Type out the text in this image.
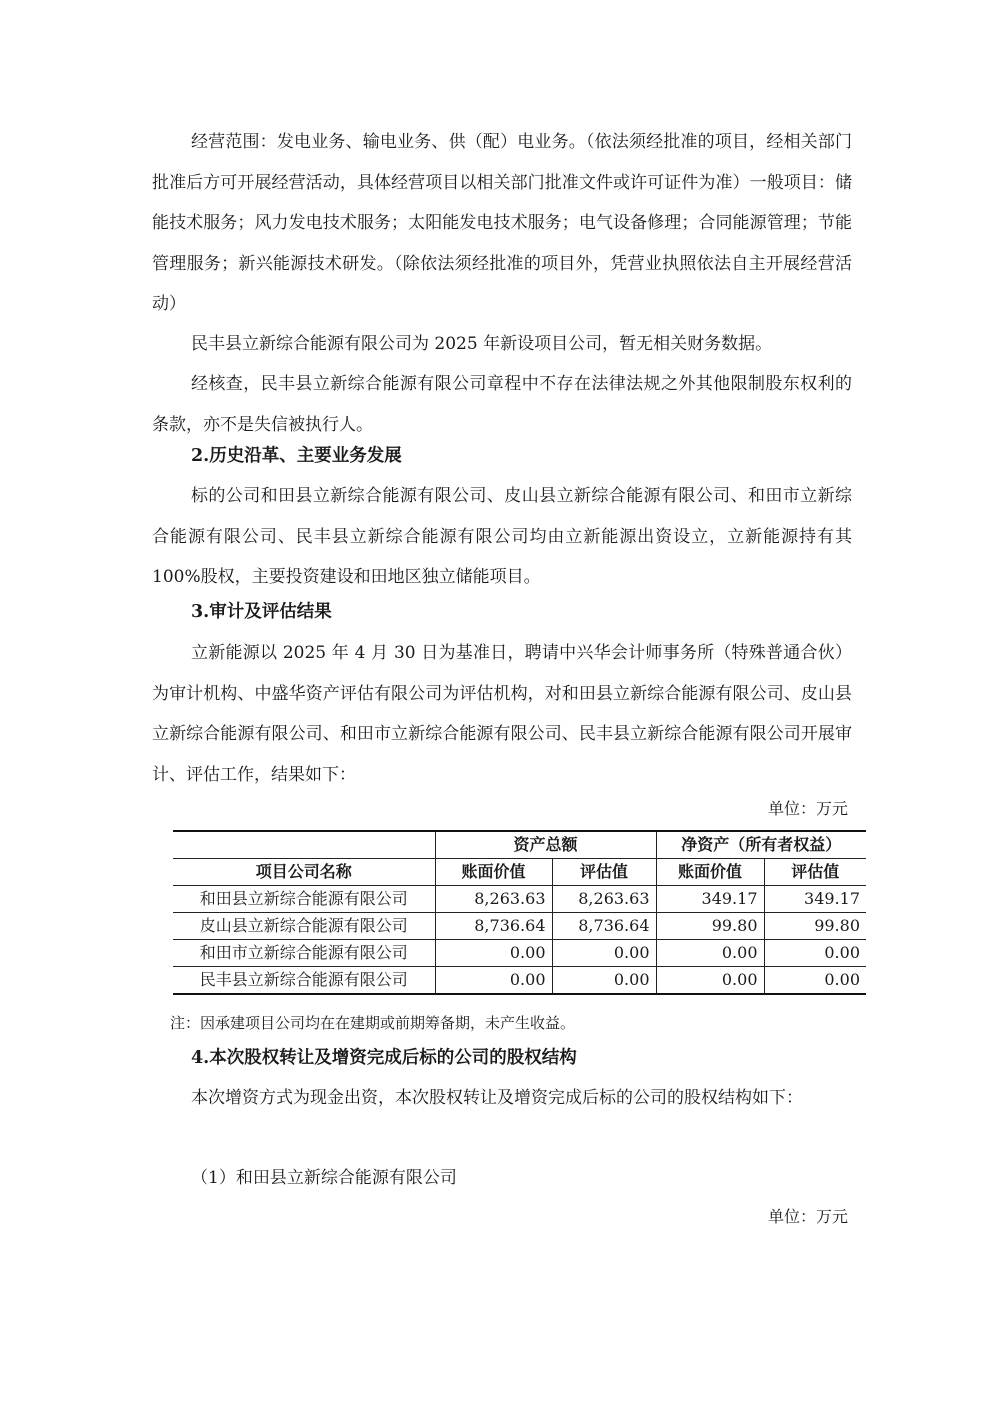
经营范围：发电业务、输电业务、供（配）电业务。（依法须经批准的项目，经相关部门批准后方可开展经营活动，具体经营项目以相关部门批准文件或许可证件为准）一般项目：储能技术服务；风力发电技术服务；太阳能发电技术服务；电气设备修理；合同能源管理；节能管理服务；新兴能源技术研发。（除依法须经批准的项目外，凭营业执照依法自主开展经营活动）

民丰县立新综合能源有限公司为 2025 年新设项目公司，暂无相关财务数据。

经核查，民丰县立新综合能源有限公司章程中不存在法律法规之外其他限制股东权利的条款，亦不是失信被执行人。

2.历史沿革、主要业务发展

标的公司和田县立新综合能源有限公司、皮山县立新综合能源有限公司、和田市立新综合能源有限公司、民丰县立新综合能源有限公司均由立新能源出资设立，立新能源持有其 100%股权，主要投资建设和田地区独立储能项目。

3.审计及评估结果

立新能源以 2025 年 4 月 30 日为基准日，聘请中兴华会计师事务所（特殊普通合伙）为审计机构、中盛华资产评估有限公司为评估机构，对和田县立新综合能源有限公司、皮山县立新综合能源有限公司、和田市立新综合能源有限公司、民丰县立新综合能源有限公司开展审计、评估工作，结果如下：

单位：万元

	资产总额		净资产（所有者权益）	
项目公司名称	账面价值	评估值	账面价值	评估值
和田县立新综合能源有限公司	8,263.63	8,263.63	349.17	349.17
皮山县立新综合能源有限公司	8,736.64	8,736.64	99.80	99.80
和田市立新综合能源有限公司	0.00	0.00	0.00	0.00
民丰县立新综合能源有限公司	0.00	0.00	0.00	0.00

注：因承建项目公司均在在建期或前期筹备期，未产生收益。

4.本次股权转让及增资完成后标的公司的股权结构

本次增资方式为现金出资，本次股权转让及增资完成后标的公司的股权结构如下：

（1）和田县立新综合能源有限公司

单位：万元
